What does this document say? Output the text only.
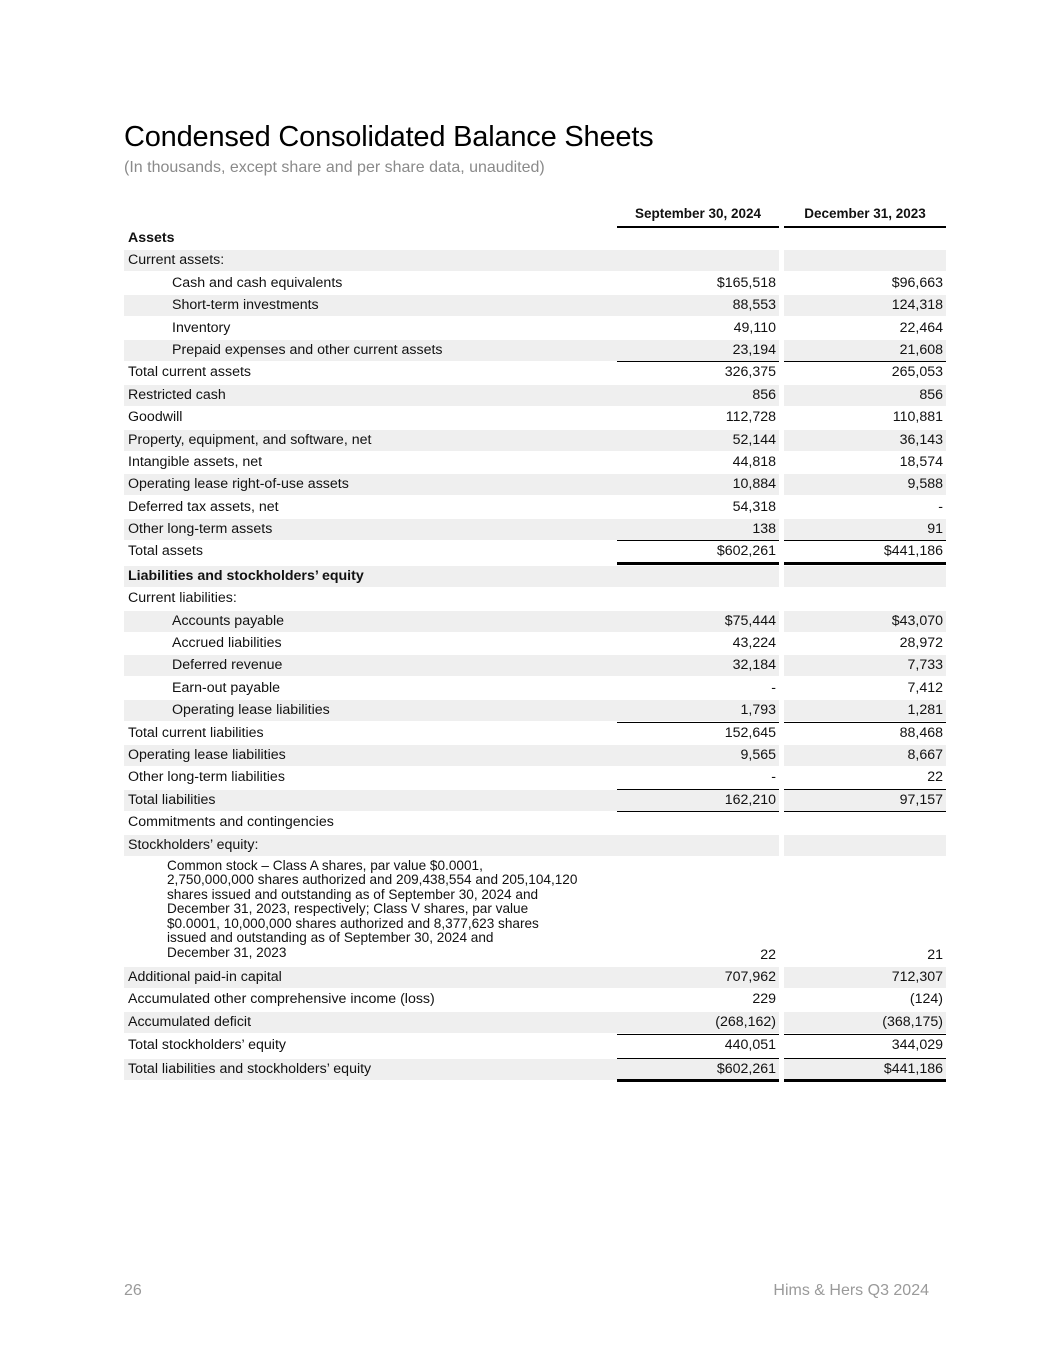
Condensed Consolidated Balance Sheets

(In thousands, except share and per share data, unaudited)

September 30, 2024	December 31, 2023
Assets
Current assets:
Cash and cash equivalents	$165,518	$96,663
Short-term investments	88,553	124,318
Inventory	49,110	22,464
Prepaid expenses and other current assets	23,194	21,608
Total current assets	326,375	265,053
Restricted cash	856	856
Goodwill	112,728	110,881
Property, equipment, and software, net	52,144	36,143
Intangible assets, net	44,818	18,574
Operating lease right-of-use assets	10,884	9,588
Deferred tax assets, net	54,318	-
Other long-term assets	138	91
Total assets	$602,261	$441,186
Liabilities and stockholders’ equity
Current liabilities:
Accounts payable	$75,444	$43,070
Accrued liabilities	43,224	28,972
Deferred revenue	32,184	7,733
Earn-out payable	-	7,412
Operating lease liabilities	1,793	1,281
Total current liabilities	152,645	88,468
Operating lease liabilities	9,565	8,667
Other long-term liabilities	-	22
Total liabilities	162,210	97,157
Commitments and contingencies
Stockholders’ equity:
Common stock – Class A shares, par value $0.0001,
2,750,000,000 shares authorized and 209,438,554 and 205,104,120
shares issued and outstanding as of September 30, 2024 and
December 31, 2023, respectively; Class V shares, par value
$0.0001, 10,000,000 shares authorized and 8,377,623 shares
issued and outstanding as of September 30, 2024 and
December 31, 2023	22	21
Additional paid-in capital	707,962	712,307
Accumulated other comprehensive income (loss)	229	(124)
Accumulated deficit	(268,162)	(368,175)
Total stockholders’ equity	440,051	344,029
Total liabilities and stockholders’ equity	$602,261	$441,186
26	Hims & Hers Q3 2024
